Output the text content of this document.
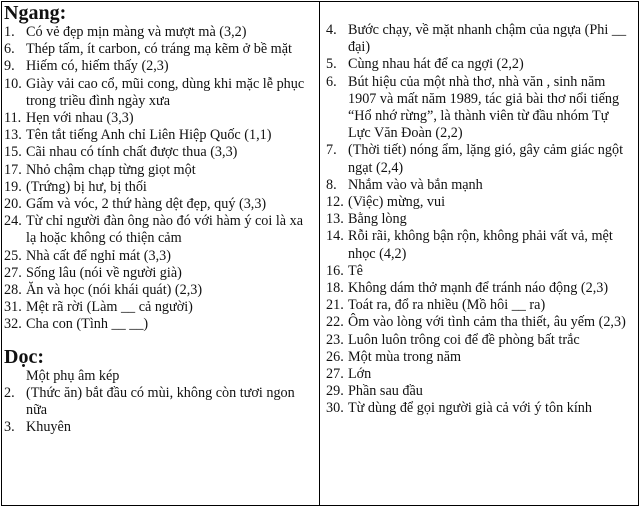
Ngang:
1. Có vẻ đẹp mịn màng và mượt mà (3,2)
6. Thép tấm, ít carbon, có tráng mạ kẽm ở bề mặt
9. Hiếm có, hiếm thấy (2,3)
10. Giày vải cao cổ, mũi cong, dùng khi mặc lễ phục trong triều đình ngày xưa
11. Hẹn với nhau (3,3)
13. Tên tắt tiếng Anh chỉ Liên Hiệp Quốc (1,1)
15. Cãi nhau có tính chất được thua (3,3)
17. Nhỏ chậm chạp từng giọt một
19. (Trứng) bị hư, bị thối
20. Gấm và vóc, 2 thứ hàng dệt đẹp, quý (3,3)
24. Từ chỉ người đàn ông nào đó với hàm ý coi là xa lạ hoặc không có thiện cảm
25. Nhà cất để nghỉ mát (3,3)
27. Sống lâu (nói về người già)
28. Ăn và học (nói khái quát) (2,3)
31. Mệt rã rời (Làm __ cả người)
32. Cha con (Tình __ __)
Dọc:
Một phụ âm kép
2. (Thức ăn) bắt đầu có mùi, không còn tươi ngon nữa
3. Khuyên
4. Bước chạy, về mặt nhanh chậm của ngựa (Phi __ đại)
5. Cùng nhau hát để ca ngợi (2,2)
6. Bút hiệu của một nhà thơ, nhà văn , sinh năm 1907 và mất năm 1989, tác giả bài thơ nổi tiếng “Hổ nhớ rừng”, là thành viên từ đầu nhóm Tự Lực Văn Đoàn (2,2)
7. (Thời tiết) nóng ẩm, lặng gió, gây cảm giác ngột ngạt (2,4)
8. Nhắm vào và bắn mạnh
12. (Việc) mừng, vui
13. Bằng lòng
14. Rỗi rãi, không bận rộn, không phải vất vả, mệt nhọc (4,2)
16. Tê
18. Không dám thở mạnh để tránh náo động (2,3)
21. Toát ra, đổ ra nhiều (Mồ hôi __ ra)
22. Ôm vào lòng với tình cảm tha thiết, âu yếm (2,3)
23. Luôn luôn trông coi để đề phòng bất trắc
26. Một mùa trong năm
27. Lớn
29. Phần sau đầu
30. Từ dùng để gọi người già cả với ý tôn kính
